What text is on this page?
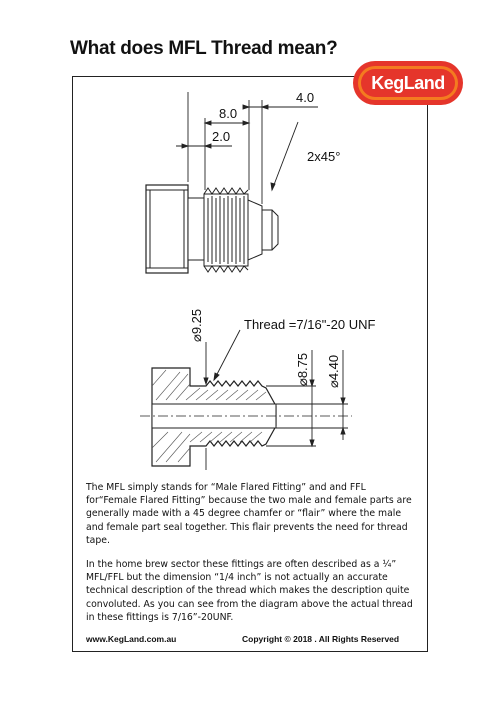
What does MFL Thread mean?
KegLand
8.0
4.0
2.0
2x45°
⌀9.25
⌀8.75 ⌀4.40
Thread =7/16"-20 UNF
The MFL simply stands for “Male Flared Fitting” and and FFL for“Female Flared Fitting” because the two male and female parts are generally made with a 45 degree chamfer or “flair” where the male and female part seal together. This flair prevents the need for thread tape.
In the home brew sector these fittings are often described as a ¼” MFL/FFL but the dimension “1/4 inch” is not actually an accurate technical description of the thread which makes the description quite convoluted. As you can see from the diagram above the actual thread in these fittings is 7/16”-20UNF.
www.KegLand.com.au	Copyright © 2018 . All Rights Reserved
